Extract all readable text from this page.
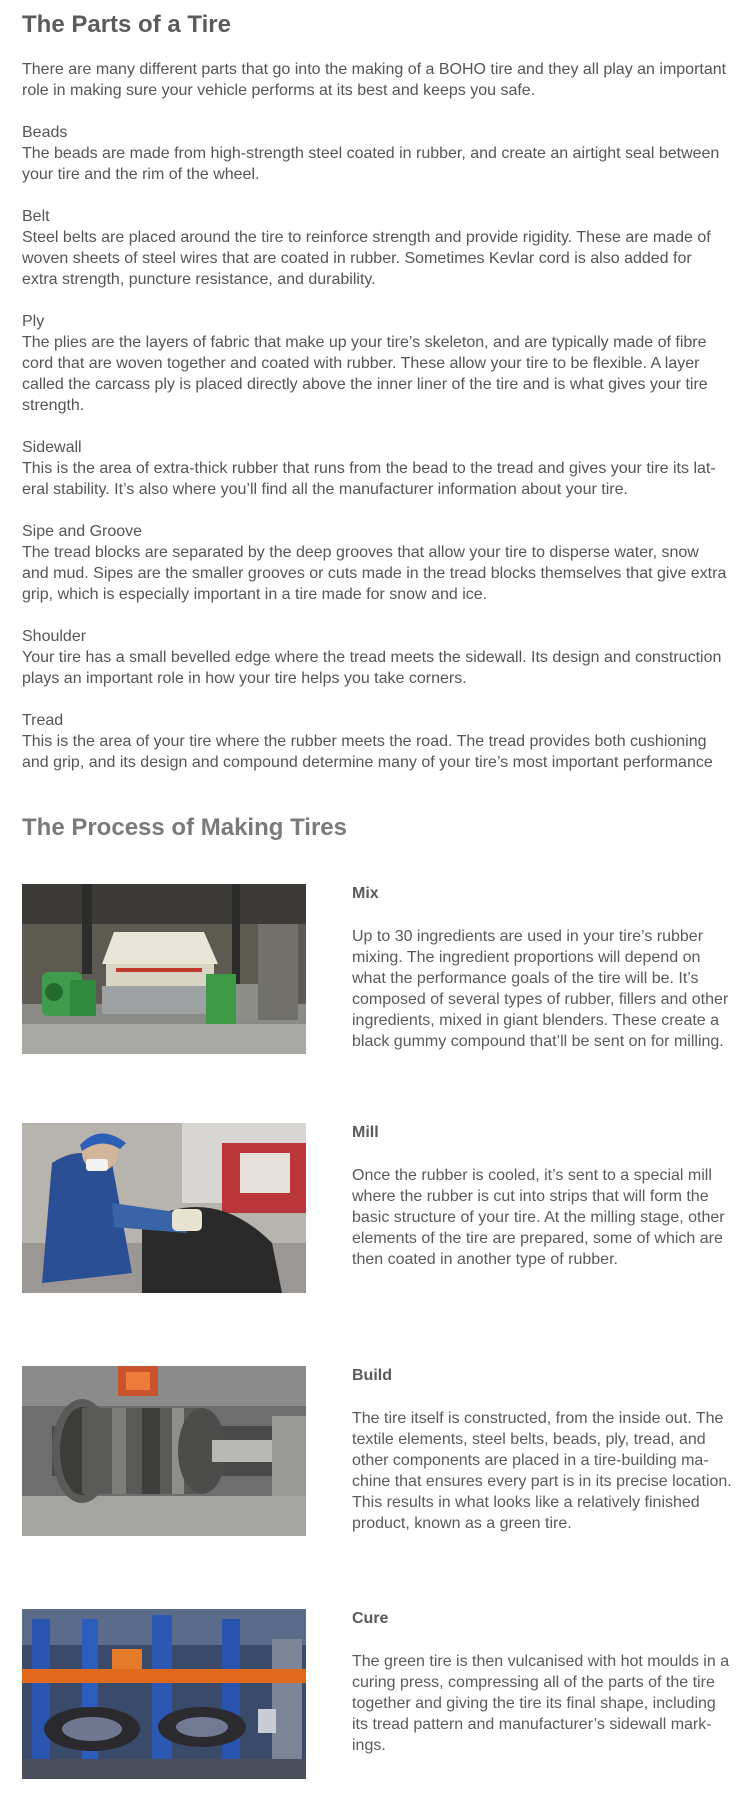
The Parts of a Tire

There are many different parts that go into the making of a BOHO tire and they all play an important role in making sure your vehicle performs at its best and keeps you safe.

Beads
The beads are made from high-strength steel coated in rubber, and create an airtight seal between your tire and the rim of the wheel.
Belt
Steel belts are placed around the tire to reinforce strength and provide rigidity. These are made of woven sheets of steel wires that are coated in rubber. Sometimes Kevlar cord is also added for extra strength, puncture resistance, and durability.
Ply
The plies are the layers of fabric that make up your tire’s skeleton, and are typically made of fibre cord that are woven together and coated with rubber. These allow your tire to be flexible. A layer called the carcass ply is placed directly above the inner liner of the tire and is what gives your tire strength.
Sidewall
This is the area of extra-thick rubber that runs from the bead to the tread and gives your tire its lat-eral stability. It’s also where you’ll find all the manufacturer information about your tire.
Sipe and Groove
The tread blocks are separated by the deep grooves that allow your tire to disperse water, snow and mud. Sipes are the smaller grooves or cuts made in the tread blocks themselves that give extra grip, which is especially important in a tire made for snow and ice.
Shoulder
Your tire has a small bevelled edge where the tread meets the sidewall. Its design and construction plays an important role in how your tire helps you take corners.
Tread
This is the area of your tire where the rubber meets the road. The tread provides both cushioning and grip, and its design and compound determine many of your tire’s most important performance
The Process of Making Tires
Mix

Up to 30 ingredients are used in your tire’s rubber mixing. The ingredient proportions will depend on what the performance goals of the tire will be. It’s composed of several types of rubber, fillers and other ingredients, mixed in giant blenders. These create a black gummy compound that’ll be sent on for milling.

Mill

Once the rubber is cooled, it’s sent to a special mill where the rubber is cut into strips that will form the basic structure of your tire. At the milling stage, other elements of the tire are prepared, some of which are then coated in another type of rubber.

Build

The tire itself is constructed, from the inside out. The textile elements, steel belts, beads, ply, tread, and other components are placed in a tire-building ma-chine that ensures every part is in its precise location. This results in what looks like a relatively finished product, known as a green tire.

Cure

The green tire is then vulcanised with hot moulds in a curing press, compressing all of the parts of the tire together and giving the tire its final shape, including its tread pattern and manufacturer’s sidewall mark-ings.
